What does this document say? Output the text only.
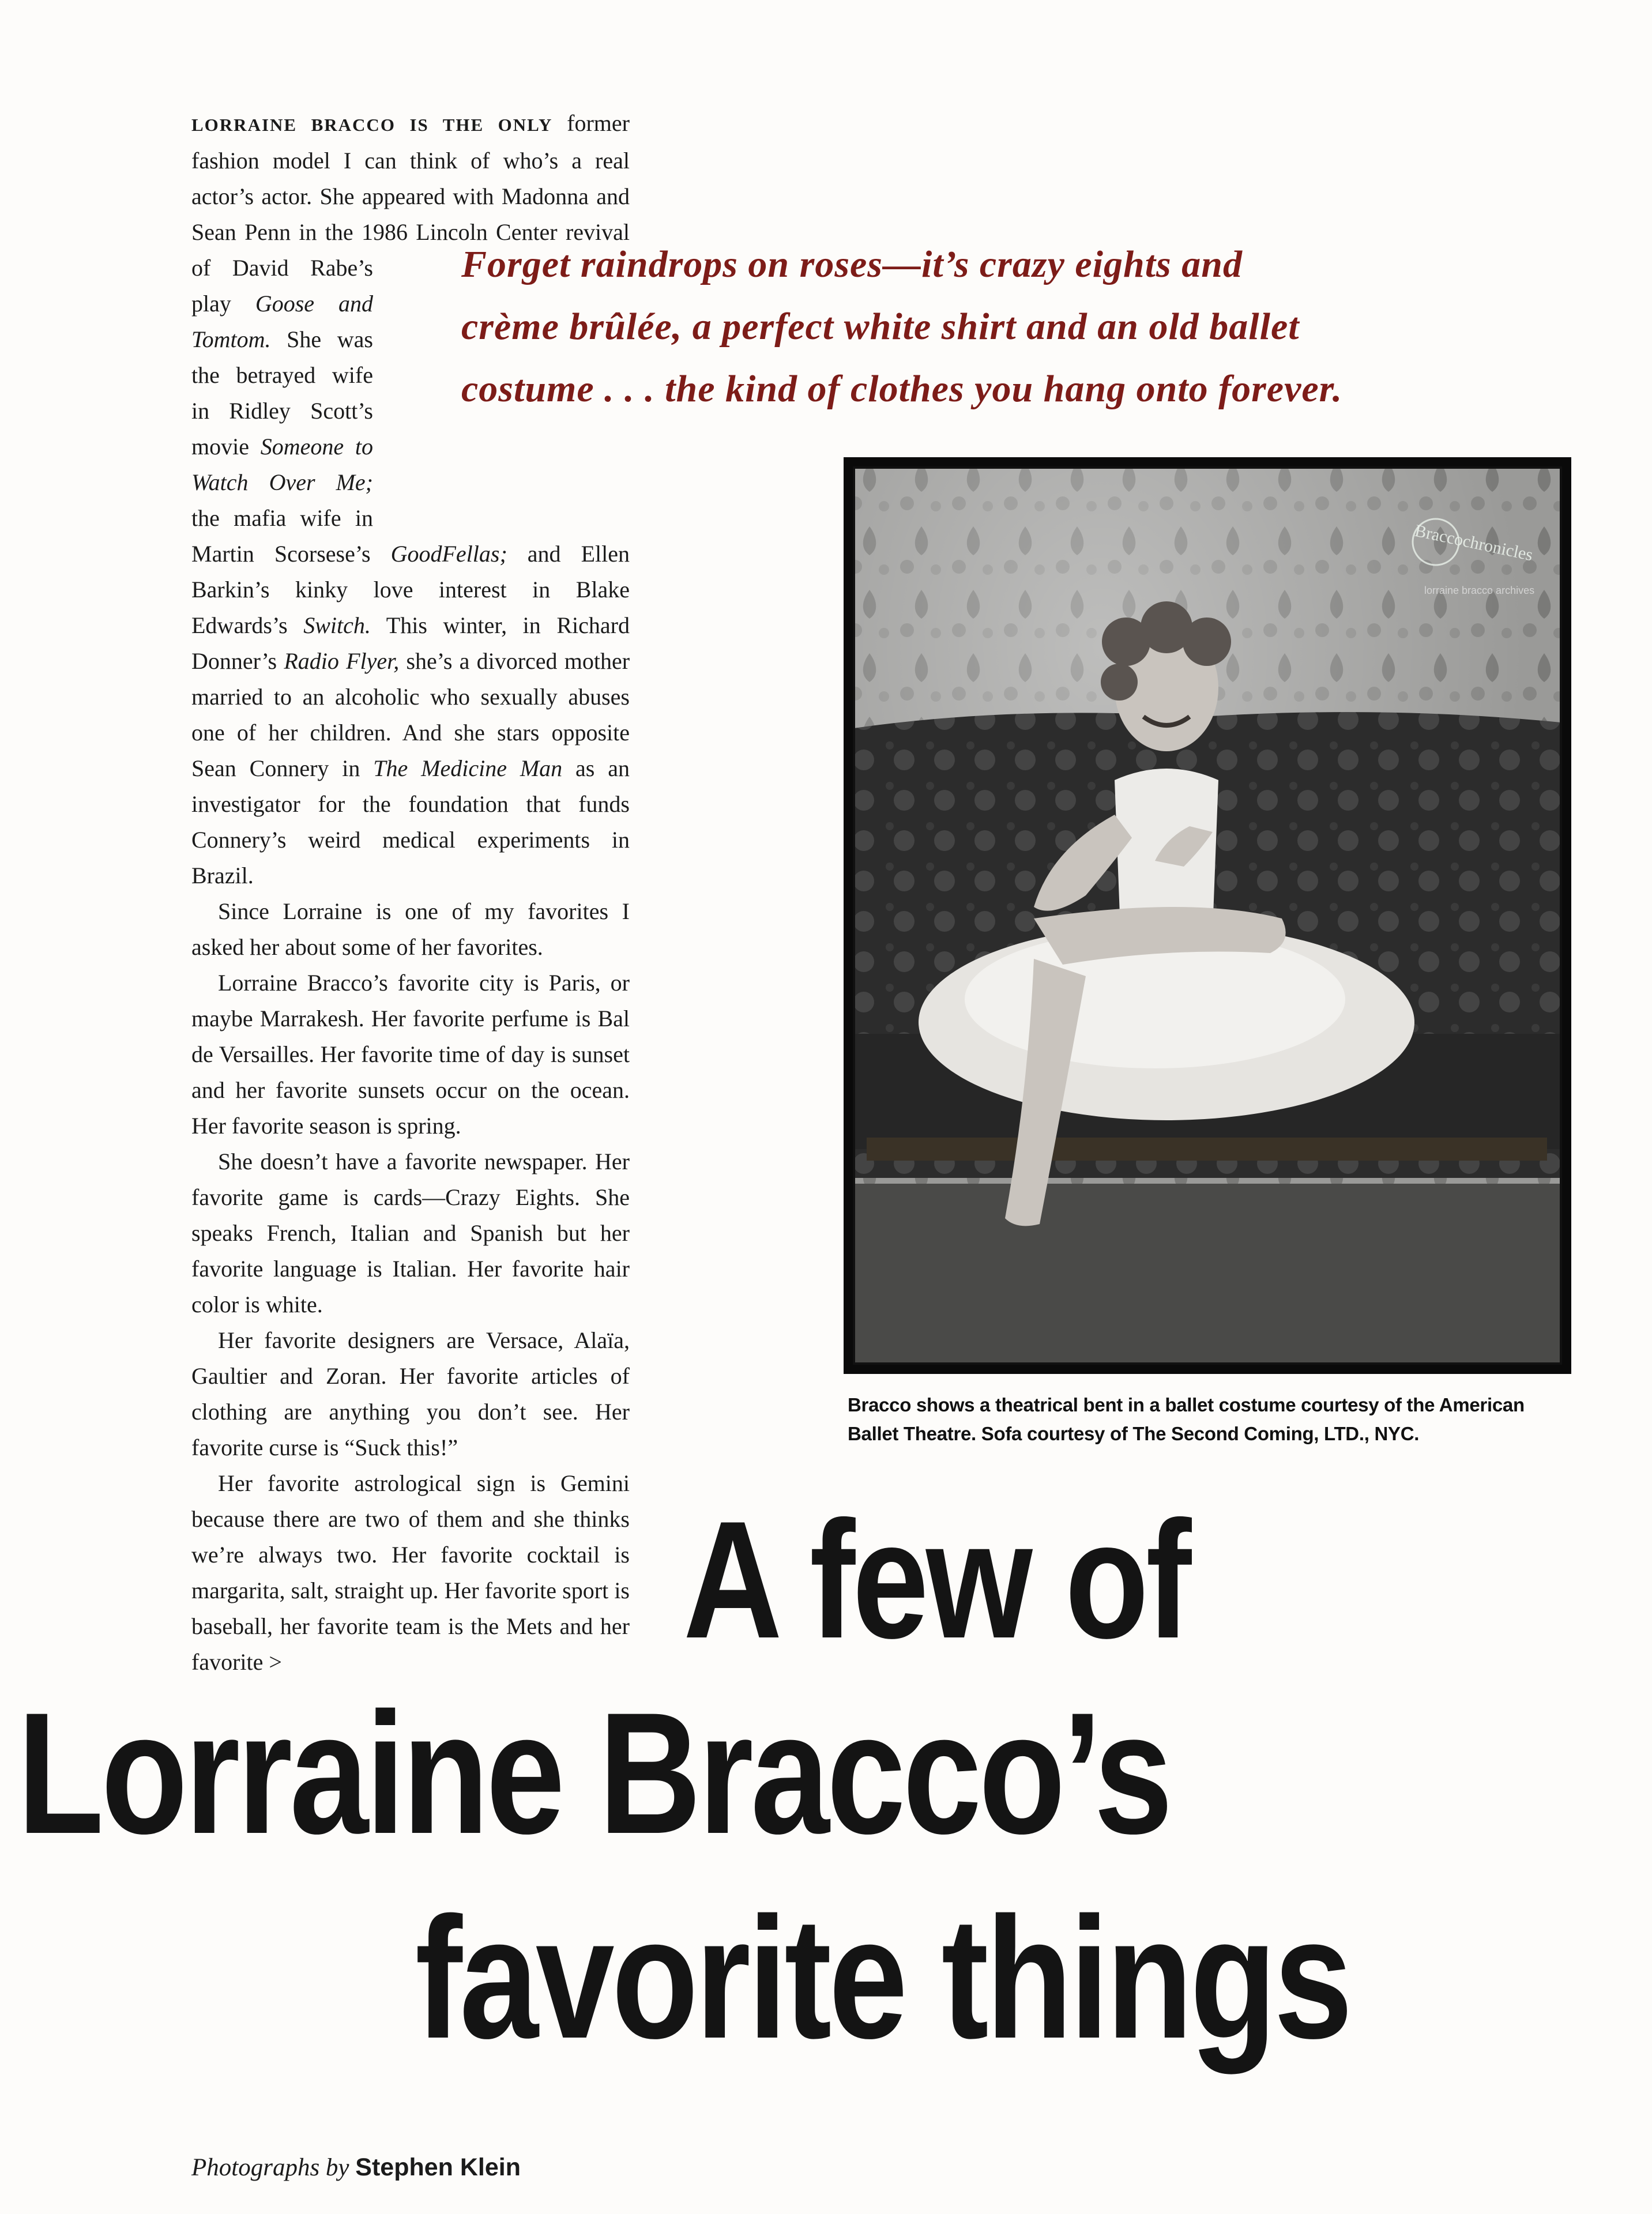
LORRAINE BRACCO IS THE ONLY former fashion model I can think of who’s a real actor’s actor. She appeared with Madonna and Sean Penn in the 1986 Lincoln Center revival of David Rabe’s play Goose and Tomtom. She was the betrayed wife in Ridley Scott’s movie Someone to Watch Over Me; the mafia wife in Martin Scorsese’s GoodFellas; and Ellen Barkin’s kinky love interest in Blake Edwards’s Switch. This winter, in Richard Donner’s Radio Flyer, she’s a divorced mother married to an alcoholic who sexually abuses one of her children. And she stars opposite Sean Connery in The Medicine Man as an investigator for the foundation that funds Connery’s weird medical experiments in Brazil.

Since Lorraine is one of my favorites I asked her about some of her favorites.

Lorraine Bracco’s favorite city is Paris, or maybe Marrakesh. Her favorite perfume is Bal de Versailles. Her favorite time of day is sunset and her favorite sunsets occur on the ocean. Her favorite season is spring.

She doesn’t have a favorite newspaper. Her favorite game is cards—Crazy Eights. She speaks French, Italian and Spanish but her favorite language is Italian. Her favorite hair color is white.

Her favorite designers are Versace, Alaïa, Gaultier and Zoran. Her favorite articles of clothing are anything you don’t see. Her favorite curse is “Suck this!”

Her favorite astrological sign is Gemini because there are two of them and she thinks we’re always two. Her favorite cocktail is margarita, salt, straight up. Her favorite sport is baseball, her favorite team is the Mets and her favorite >

Forget raindrops on roses—it’s crazy eights and
crème brûlée, a perfect white shirt and an old ballet
costume . . . the kind of clothes you hang onto forever.
Braccochronicles
lorraine bracco archives
Bracco shows a theatrical bent in a ballet costume courtesy of the American Ballet Theatre. Sofa courtesy of The Second Coming, LTD., NYC.
A few of
Lorraine Bracco’s
favorite things
Photographs by Stephen Klein
